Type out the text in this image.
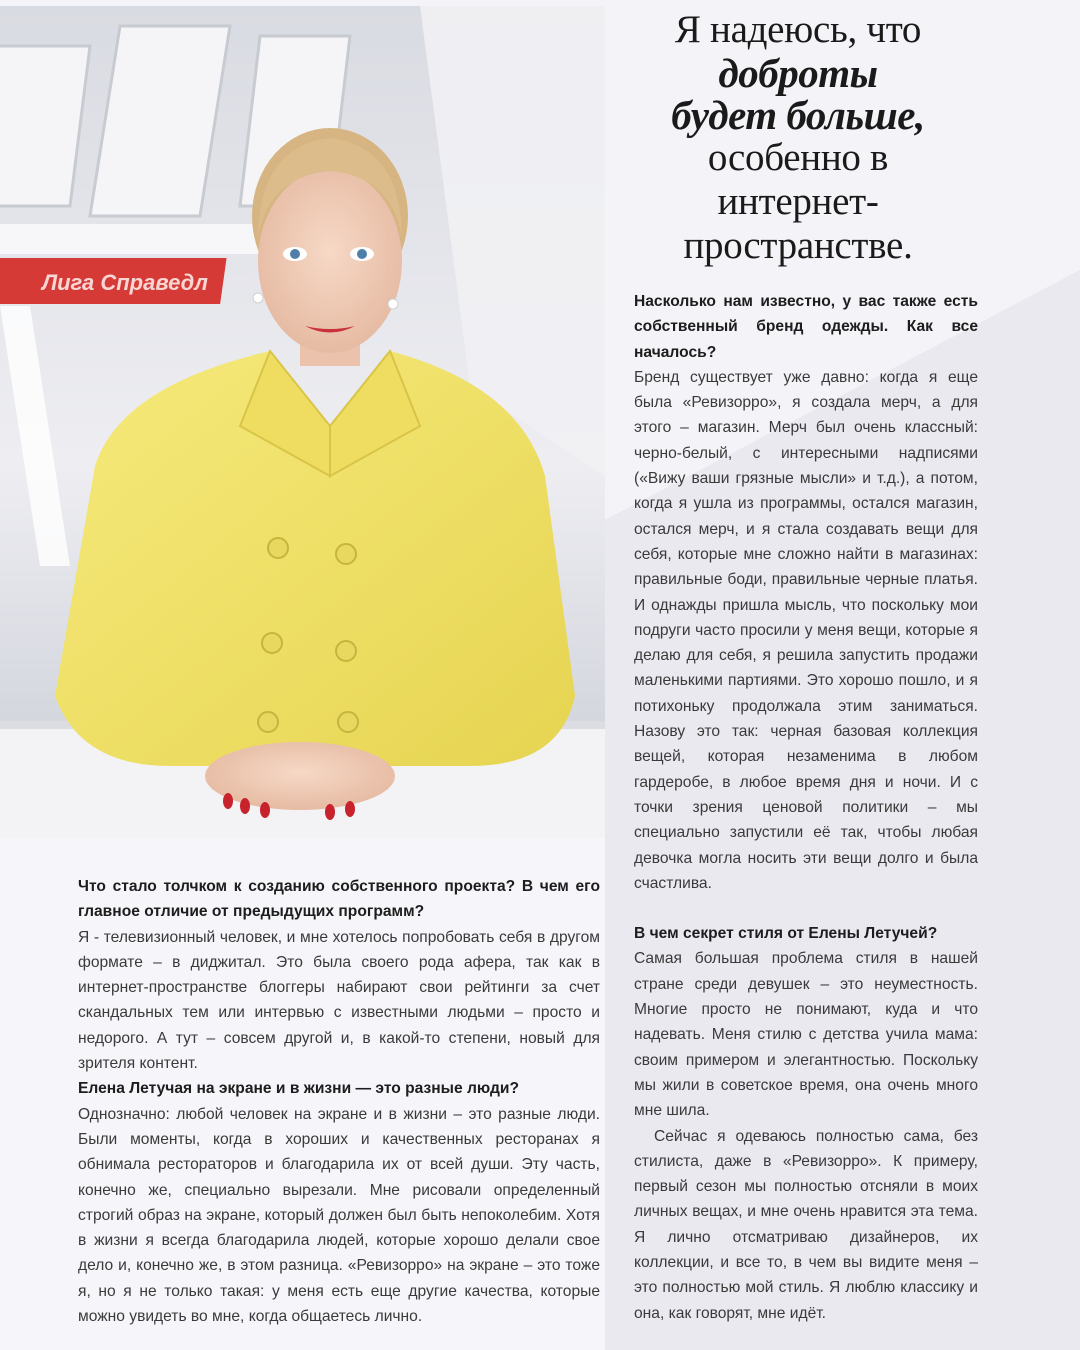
Лига Справедл
Я надеюсь, что
доброты
будет больше,
особенно в
интернет-
пространстве.

Насколько нам известно, у вас также есть собственный бренд одежды. Как все началось?

Бренд существует уже давно: когда я еще была «Ревизорро», я создала мерч, а для этого – магазин. Мерч был очень классный: черно-белый, с интересными надписями («Вижу ваши грязные мысли» и т.д.), а потом, когда я ушла из программы, остался магазин, остался мерч, и я стала создавать вещи для себя, которые мне сложно найти в магазинах: правильные боди, правильные черные платья. И однажды пришла мысль, что поскольку мои подруги часто просили у меня вещи, которые я делаю для себя, я решила запустить продажи маленькими партиями. Это хорошо пошло, и я потихоньку продолжала этим заниматься. Назову это так: черная базовая коллекция вещей, которая незаменима в любом гардеробе, в любое время дня и ночи. И с точки зрения ценовой политики – мы специально запустили её так, чтобы любая девочка могла носить эти вещи долго и была счастлива.

В чем секрет стиля от Елены Летучей?

Самая большая проблема стиля в нашей стране среди девушек – это неуместность. Многие просто не понимают, куда и что надевать. Меня стилю с детства учила мама: своим примером и элегантностью. Поскольку мы жили в советское время, она очень много мне шила.

Сейчас я одеваюсь полностью сама, без стилиста, даже в «Ревизорро». К примеру, первый сезон мы полностью отсняли в моих личных вещах, и мне очень нравится эта тема. Я лично отсматриваю дизайнеров, их коллекции, и все то, в чем вы видите меня – это полностью мой стиль. Я люблю классику и она, как говорят, мне идёт.

Что стало толчком к созданию собственного проекта? В чем его главное отличие от предыдущих программ?

Я - телевизионный человек, и мне хотелось попробовать себя в другом формате – в диджитал. Это была своего рода афера, так как в интернет-пространстве блоггеры набирают свои рейтинги за счет скандальных тем или интервью с известными людьми – просто и недорого. А тут – совсем другой и, в какой-то степени, новый для зрителя контент.

Елена Летучая на экране и в жизни — это разные люди?

Однозначно: любой человек на экране и в жизни – это разные люди. Были моменты, когда в хороших и качественных ресторанах я обнимала рестораторов и благодарила их от всей души. Эту часть, конечно же, специально вырезали. Мне рисовали определенный строгий образ на экране, который должен был быть непоколебим. Хотя в жизни я всегда благодарила людей, которые хорошо делали свое дело и, конечно же, в этом разница. «Ревизорро» на экране – это тоже я, но я не только такая: у меня есть еще другие качества, которые можно увидеть во мне, когда общаетесь лично.
